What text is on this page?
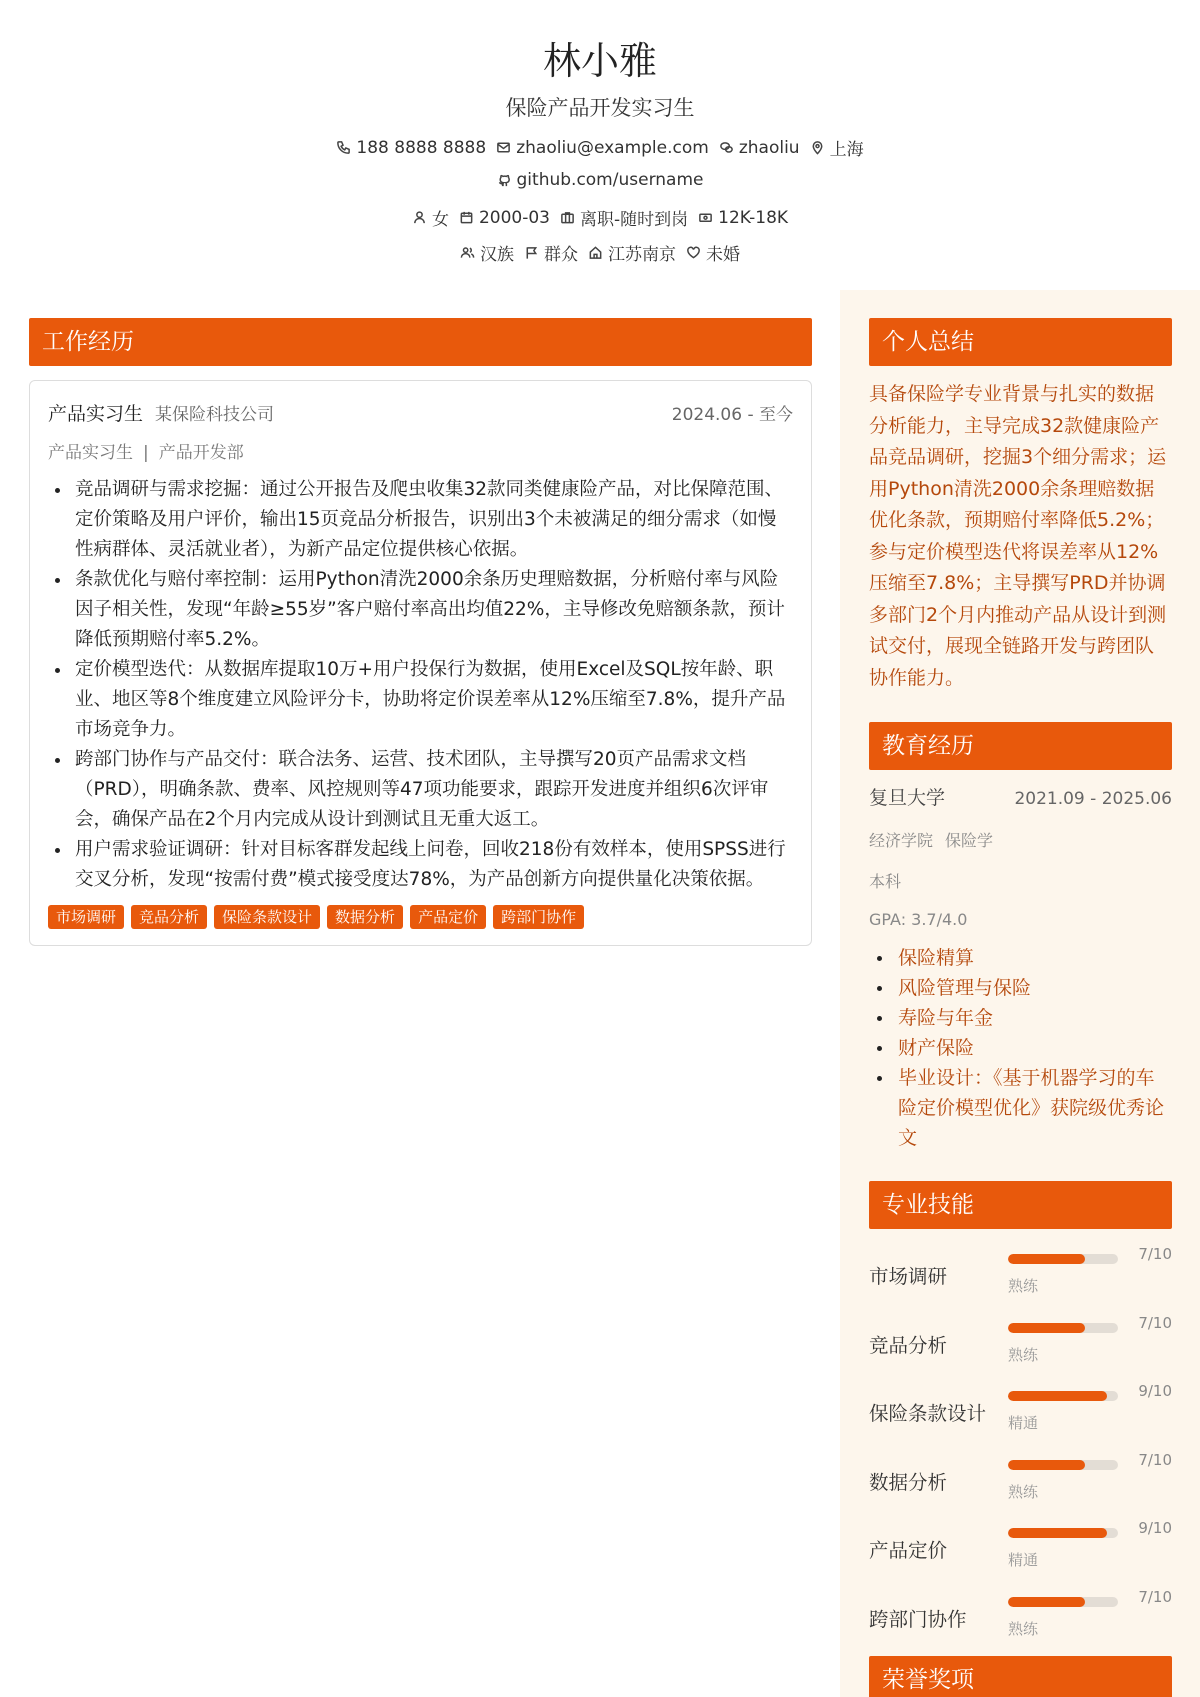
林小雅
保险产品开发实习生
188 8888 8888 zhaoliu@example.com zhaoliu 上海
github.com/username
女 2000-03 离职-随时到岗 12K-18K
汉族 群众 江苏南京 未婚
工作经历
产品实习生 某保险科技公司	2024.06 - 至今
产品实习生 | 产品开发部
竞品调研与需求挖掘：通过公开报告及爬虫收集32款同类健康险产品，对比保障范围、定价策略及用户评价，输出15页竞品分析报告，识别出3个未被满足的细分需求（如慢性病群体、灵活就业者），为新产品定位提供核心依据。
条款优化与赔付率控制：运用Python清洗2000余条历史理赔数据，分析赔付率与风险因子相关性，发现“年龄≥55岁”客户赔付率高出均值22%，主导修改免赔额条款，预计降低预期赔付率5.2%。
定价模型迭代：从数据库提取10万+用户投保行为数据，使用Excel及SQL按年龄、职业、地区等8个维度建立风险评分卡，协助将定价误差率从12%压缩至7.8%，提升产品市场竞争力。
跨部门协作与产品交付：联合法务、运营、技术团队，主导撰写20页产品需求文档（PRD），明确条款、费率、风控规则等47项功能要求，跟踪开发进度并组织6次评审会，确保产品在2个月内完成从设计到测试且无重大返工。
用户需求验证调研：针对目标客群发起线上问卷，回收218份有效样本，使用SPSS进行交叉分析，发现“按需付费”模式接受度达78%，为产品创新方向提供量化决策依据。
市场调研	竞品分析	保险条款设计	数据分析	产品定价	跨部门协作
个人总结
具备保险学专业背景与扎实的数据分析能力，主导完成32款健康险产品竞品调研，挖掘3个细分需求；运用Python清洗2000余条理赔数据优化条款，预期赔付率降低5.2%；参与定价模型迭代将误差率从12%压缩至7.8%；主导撰写PRD并协调多部门2个月内推动产品从设计到测试交付，展现全链路开发与跨团队协作能力。
教育经历
复旦大学	2021.09 - 2025.06
经济学院 保险学
本科
GPA: 3.7/4.0
保险精算
风险管理与保险
寿险与年金
财产保险
毕业设计：《基于机器学习的车险定价模型优化》获院级优秀论文
专业技能
市场调研
7/10
熟练
竞品分析
7/10
熟练
保险条款设计
9/10
精通
数据分析
7/10
熟练
产品定价
9/10
精通
跨部门协作
7/10
熟练
荣誉奖项
